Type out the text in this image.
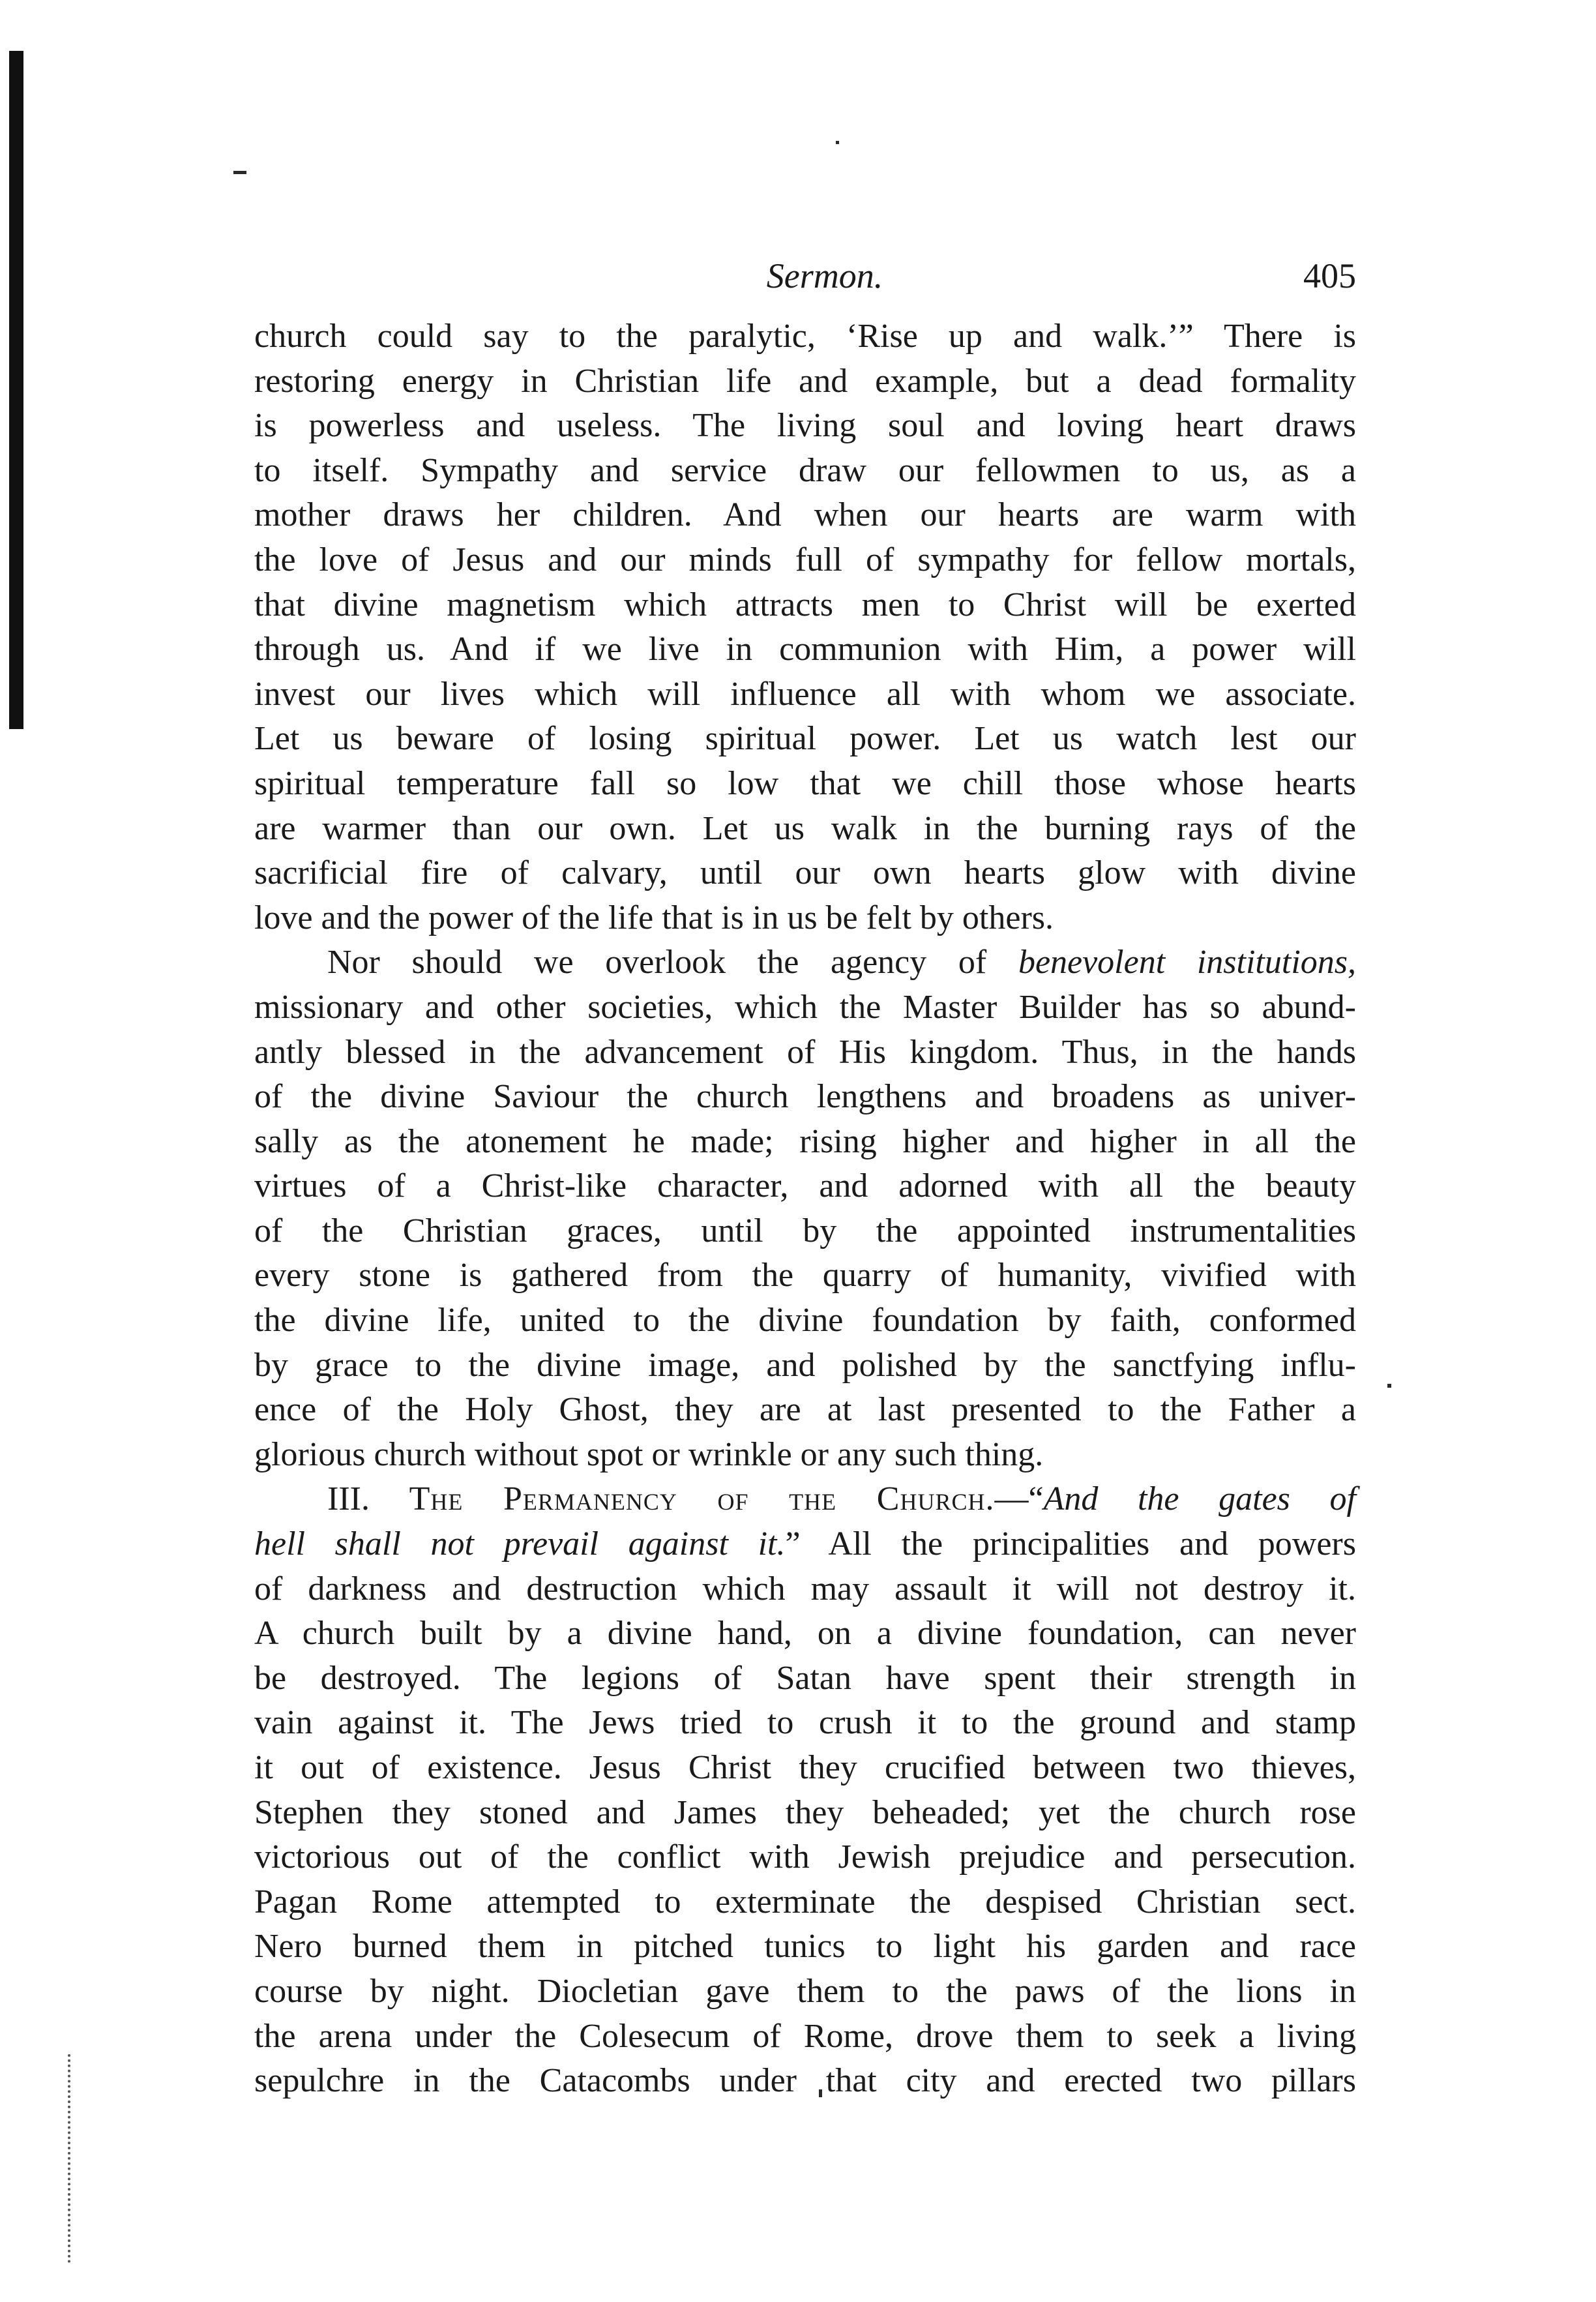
Sermon.	405

church could say to the paralytic, ‘Rise up and walk.’” There is
restoring energy in Christian life and example, but a dead formality
is powerless and useless. The living soul and loving heart draws
to itself. Sympathy and service draw our fellowmen to us, as a
mother draws her children. And when our hearts are warm with
the love of Jesus and our minds full of sympathy for fellow mortals,
that divine magnetism which attracts men to Christ will be exerted
through us. And if we live in communion with Him, a power will
invest our lives which will influence all with whom we associate.
Let us beware of losing spiritual power. Let us watch lest our
spiritual temperature fall so low that we chill those whose hearts
are warmer than our own. Let us walk in the burning rays of the
sacrificial fire of calvary, until our own hearts glow with divine
love and the power of the life that is in us be felt by others.

Nor should we overlook the agency of benevolent institutions,
missionary and other societies, which the Master Builder has so abund-
antly blessed in the advancement of His kingdom. Thus, in the hands
of the divine Saviour the church lengthens and broadens as univer-
sally as the atonement he made; rising higher and higher in all the
virtues of a Christ-like character, and adorned with all the beauty
of the Christian graces, until by the appointed instrumentalities
every stone is gathered from the quarry of humanity, vivified with
the divine life, united to the divine foundation by faith, conformed
by grace to the divine image, and polished by the sanctfying influ-
ence of the Holy Ghost, they are at last presented to the Father a
glorious church without spot or wrinkle or any such thing.

III. The Permanency of the Church.—“And the gates of
hell shall not prevail against it.” All the principalities and powers
of darkness and destruction which may assault it will not destroy it.
A church built by a divine hand, on a divine foundation, can never
be destroyed. The legions of Satan have spent their strength in
vain against it. The Jews tried to crush it to the ground and stamp
it out of existence. Jesus Christ they crucified between two thieves,
Stephen they stoned and James they beheaded; yet the church rose
victorious out of the conflict with Jewish prejudice and persecution.
Pagan Rome attempted to exterminate the despised Christian sect.
Nero burned them in pitched tunics to light his garden and race
course by night. Diocletian gave them to the paws of the lions in
the arena under the Colesecum of Rome, drove them to seek a living
sepulchre in the Catacombs under that city and erected two pillars
